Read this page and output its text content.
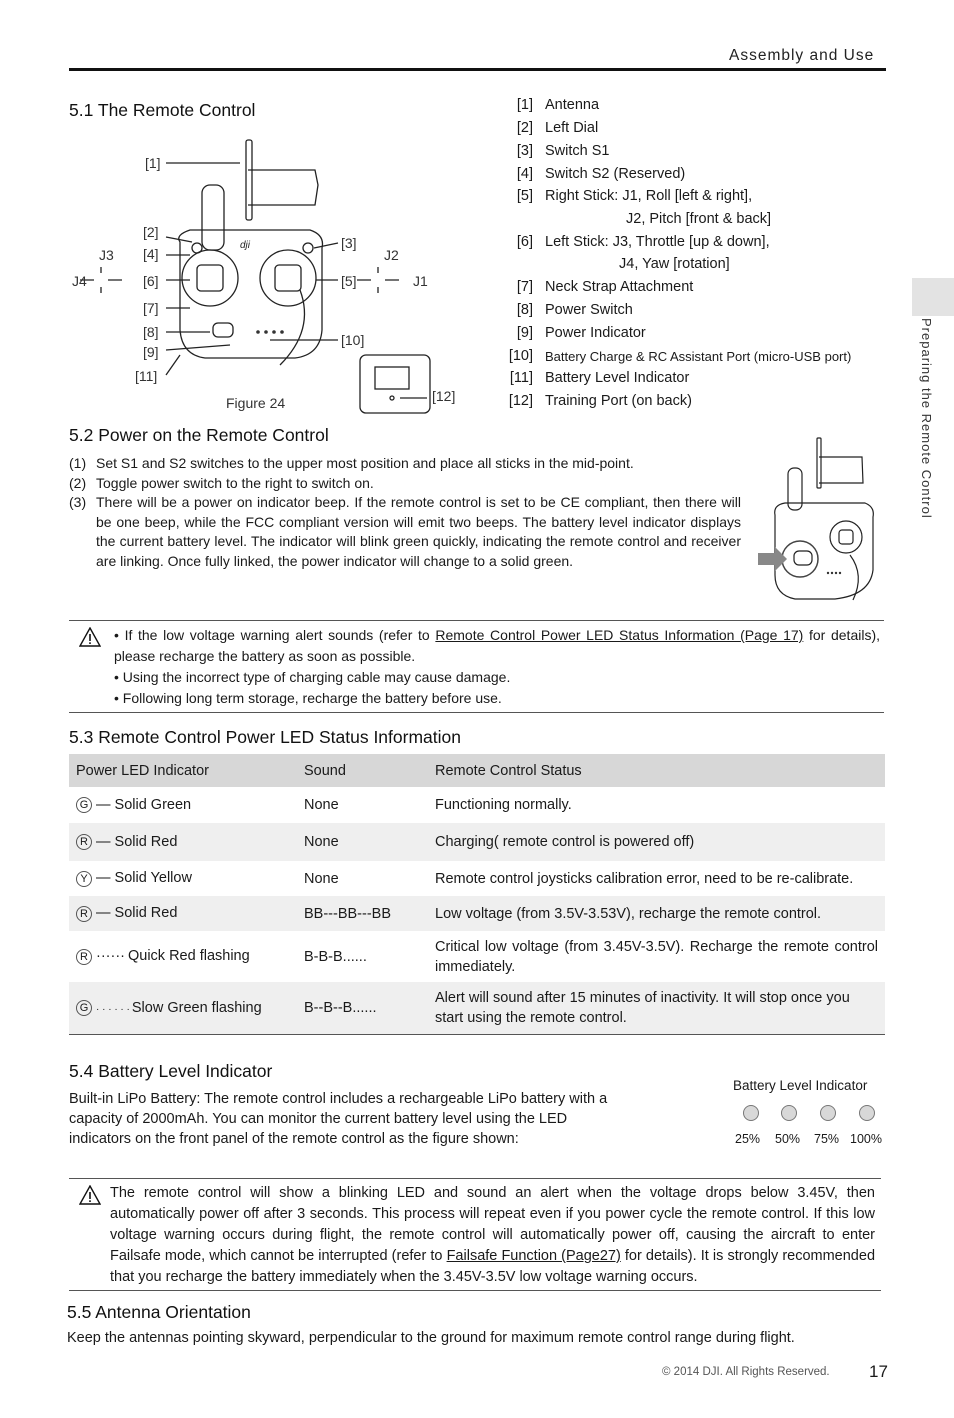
Assembly and Use
Preparing the Remote Control
5.1 The Remote Control
dji
[1]
[2]
[4]
[6]
[7]
[8]
[9]
[11]
[3]
[5]
[10]
[12]
J3
J4
J2
J1
Figure 24
[1] Antenna
[2] Left Dial
[3] Switch S1
[4] Switch S2 (Reserved)
[5] Right Stick: J1, Roll [left & right],
J2, Pitch [front & back]
[6] Left Stick: J3, Throttle [up & down],
J4, Yaw [rotation]
[7] Neck Strap Attachment
[8] Power Switch
[9] Power Indicator
[10] Battery Charge & RC Assistant Port (micro-USB port)
[11] Battery Level Indicator
[12] Training Port (on back)
5.2 Power on the Remote Control
(1) Set S1 and S2 switches to the upper most position and place all sticks in the mid-point.
(2) Toggle power switch to the right to switch on.
(3) There will be a power on indicator beep. If the remote control is set to be CE compliant, then there will be one beep, while the FCC compliant version will emit two beeps. The battery level indicator displays the current battery level. The indicator will blink green quickly, indicating the remote control and receiver are linking. Once fully linked, the power indicator will change to a solid green.
• If the low voltage warning alert sounds (refer to Remote Control Power LED Status Information (Page 17) for details), please recharge the battery as soon as possible.
• Using the incorrect type of charging cable may cause damage.
• Following long term storage, recharge the battery before use.
5.3 Remote Control Power LED Status Information
Power LED Indicator	Sound	Remote Control Status
G — Solid Green	None	Functioning normally.
R — Solid Red	None	Charging( remote control is powered off)
Y — Solid Yellow	None	Remote control joysticks calibration error, need to be re-calibrate.
R — Solid Red	BB---BB---BB	Low voltage (from 3.5V-3.53V), recharge the remote control.
R ······ Quick Red flashing	B-B-B......	Critical low voltage (from 3.45V-3.5V). Recharge the remote control immediately.
G · · · · · · Slow Green flashing	B--B--B......	Alert will sound after 15 minutes of inactivity. It will stop once you start using the remote control.
5.4 Battery Level Indicator
Built-in LiPo Battery: The remote control includes a rechargeable LiPo battery with a capacity of 2000mAh. You can monitor the current battery level using the LED indicators on the front panel of the remote control as the figure shown:
Battery Level Indicator
25% 50% 75% 100%

The remote control will show a blinking LED and sound an alert when the voltage drops below 3.45V, then automatically power off after 3 seconds. This process will repeat even if you power cycle the remote control. If this low voltage warning occurs during flight, the remote control will automatically power off, causing the aircraft to enter Failsafe mode, which cannot be interrupted (refer to Failsafe Function (Page27) for details). It is strongly recommended that you recharge the battery immediately when the 3.45V-3.5V low voltage warning occurs.

5.5 Antenna Orientation
Keep the antennas pointing skyward, perpendicular to the ground for maximum remote control range during flight.
© 2014 DJI. All Rights Reserved. 17
